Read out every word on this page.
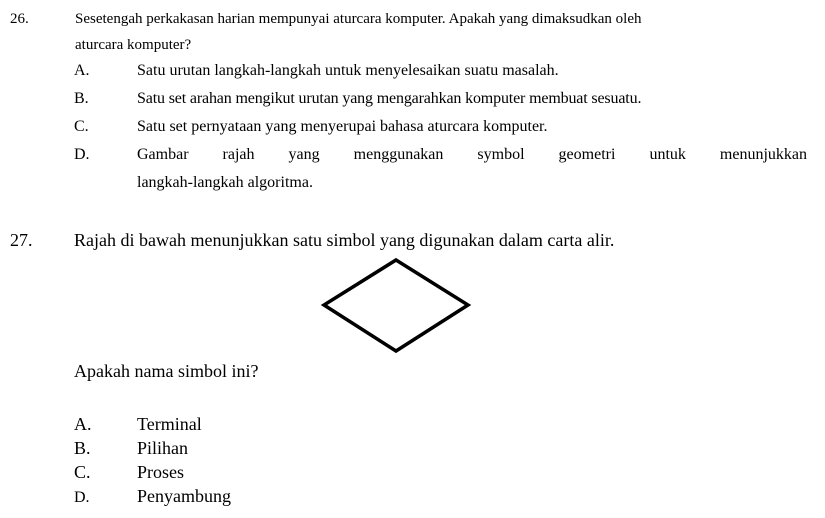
26.	Sesetengah perkakasan harian mempunyai aturcara komputer. Apakah yang dimaksudkan oleh
aturcara komputer?
A.	Satu urutan langkah-langkah untuk menyelesaikan suatu masalah.
B.	Satu set arahan mengikut urutan yang mengarahkan komputer membuat sesuatu.
C.	Satu set pernyataan yang menyerupai bahasa aturcara komputer.
D.	Gambar rajah yang menggunakan symbol geometri untuk menunjukkan
langkah-langkah algoritma.
27. Rajah di bawah menunjukkan satu simbol yang digunakan dalam carta alir.
Apakah nama simbol ini?
A.	Terminal
B.	Pilihan
C.	Proses
D.	Penyambung
